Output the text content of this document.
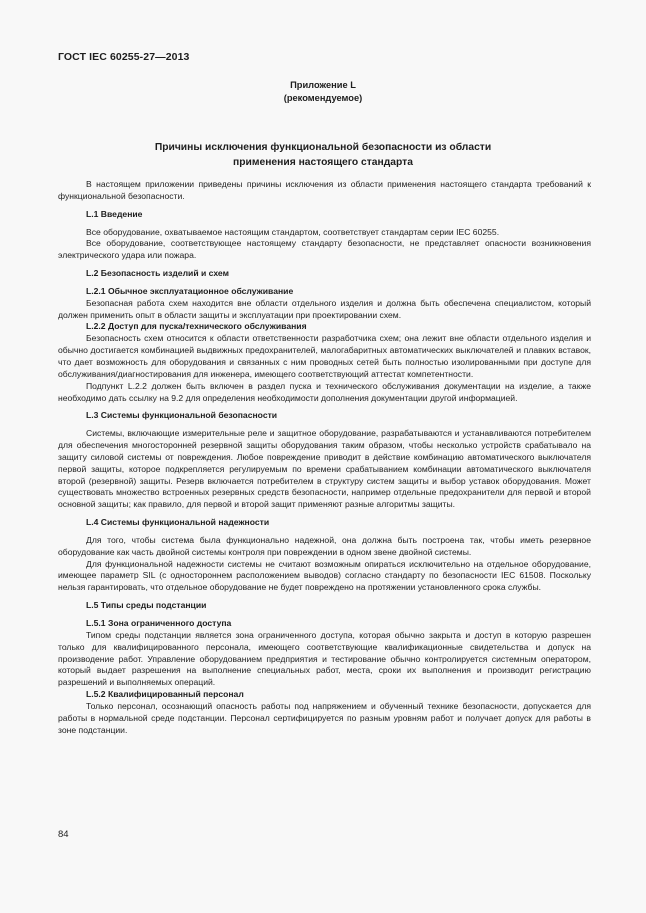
ГОСТ IEC 60255-27—2013
Приложение L
(рекомендуемое)
Причины исключения функциональной безопасности из области
применения настоящего стандарта

В настоящем приложении приведены причины исключения из области применения настоящего стандарта требований к функциональной безопасности.

L.1 Введение

Все оборудование, охватываемое настоящим стандартом, соответствует стандартам серии IEC 60255.

Все оборудование, соответствующее настоящему стандарту безопасности, не представляет опасности возникновения электрического удара или пожара.

L.2 Безопасность изделий и схем

L.2.1 Обычное эксплуатационное обслуживание

Безопасная работа схем находится вне области отдельного изделия и должна быть обеспечена специалистом, который должен применить опыт в области защиты и эксплуатации при проектировании схем.

L.2.2 Доступ для пуска/технического обслуживания

Безопасность схем относится к области ответственности разработчика схем; она лежит вне области отдельного изделия и обычно достигается комбинацией выдвижных предохранителей, малогабаритных автоматических выключателей и плавких вставок, что дает возможность для оборудования и связанных с ним проводных сетей быть полностью изолированными при доступе для обслуживания/диагностирования для инженера, имеющего соответствующий аттестат компетентности.

Подпункт L.2.2 должен быть включен в раздел пуска и технического обслуживания документации на изделие, а также необходимо дать ссылку на 9.2 для определения необходимости дополнения документации другой информацией.

L.3 Системы функциональной безопасности

Системы, включающие измерительные реле и защитное оборудование, разрабатываются и устанавливаются потребителем для обеспечения многосторонней резервной защиты оборудования таким образом, чтобы несколько устройств срабатывало на защиту силовой системы от повреждения. Любое повреждение приводит в действие комбинацию автоматического выключателя первой защиты, которое подкрепляется регулируемым по времени срабатыванием комбинации автоматического выключателя второй (резервной) защиты. Резерв включается потребителем в структуру систем защиты и выбор уставок оборудования. Может существовать множество встроенных резервных средств безопасности, например отдельные предохранители для первой и второй основной защиты; как правило, для первой и второй защит применяют разные алгоритмы защиты.

L.4 Системы функциональной надежности

Для того, чтобы система была функционально надежной, она должна быть построена так, чтобы иметь резервное оборудование как часть двойной системы контроля при повреждении в одном звене двойной системы.

Для функциональной надежности системы не считают возможным опираться исключительно на отдельное оборудование, имеющее параметр SIL (с одностороннем расположением выводов) согласно стандарту по безопасности IEC 61508. Поскольку нельзя гарантировать, что отдельное оборудование не будет повреждено на протяжении установленного срока службы.

L.5 Типы среды подстанции

L.5.1 Зона ограниченного доступа

Типом среды подстанции является зона ограниченного доступа, которая обычно закрыта и доступ в которую разрешен только для квалифицированного персонала, имеющего соответствующие квалификационные свидетельства и допуск на производение работ. Управление оборудованием предприятия и тестирование обычно контролируется системным оператором, который выдает разрешения на выполнение специальных работ, места, сроки их выполнения и производит регистрацию разрешений и выполняемых операций.

L.5.2 Квалифицированный персонал

Только персонал, осознающий опасность работы под напряжением и обученный технике безопасности, допускается для работы в нормальной среде подстанции. Персонал сертифицируется по разным уровням работ и получает допуск для работы в зоне подстанции.

84
